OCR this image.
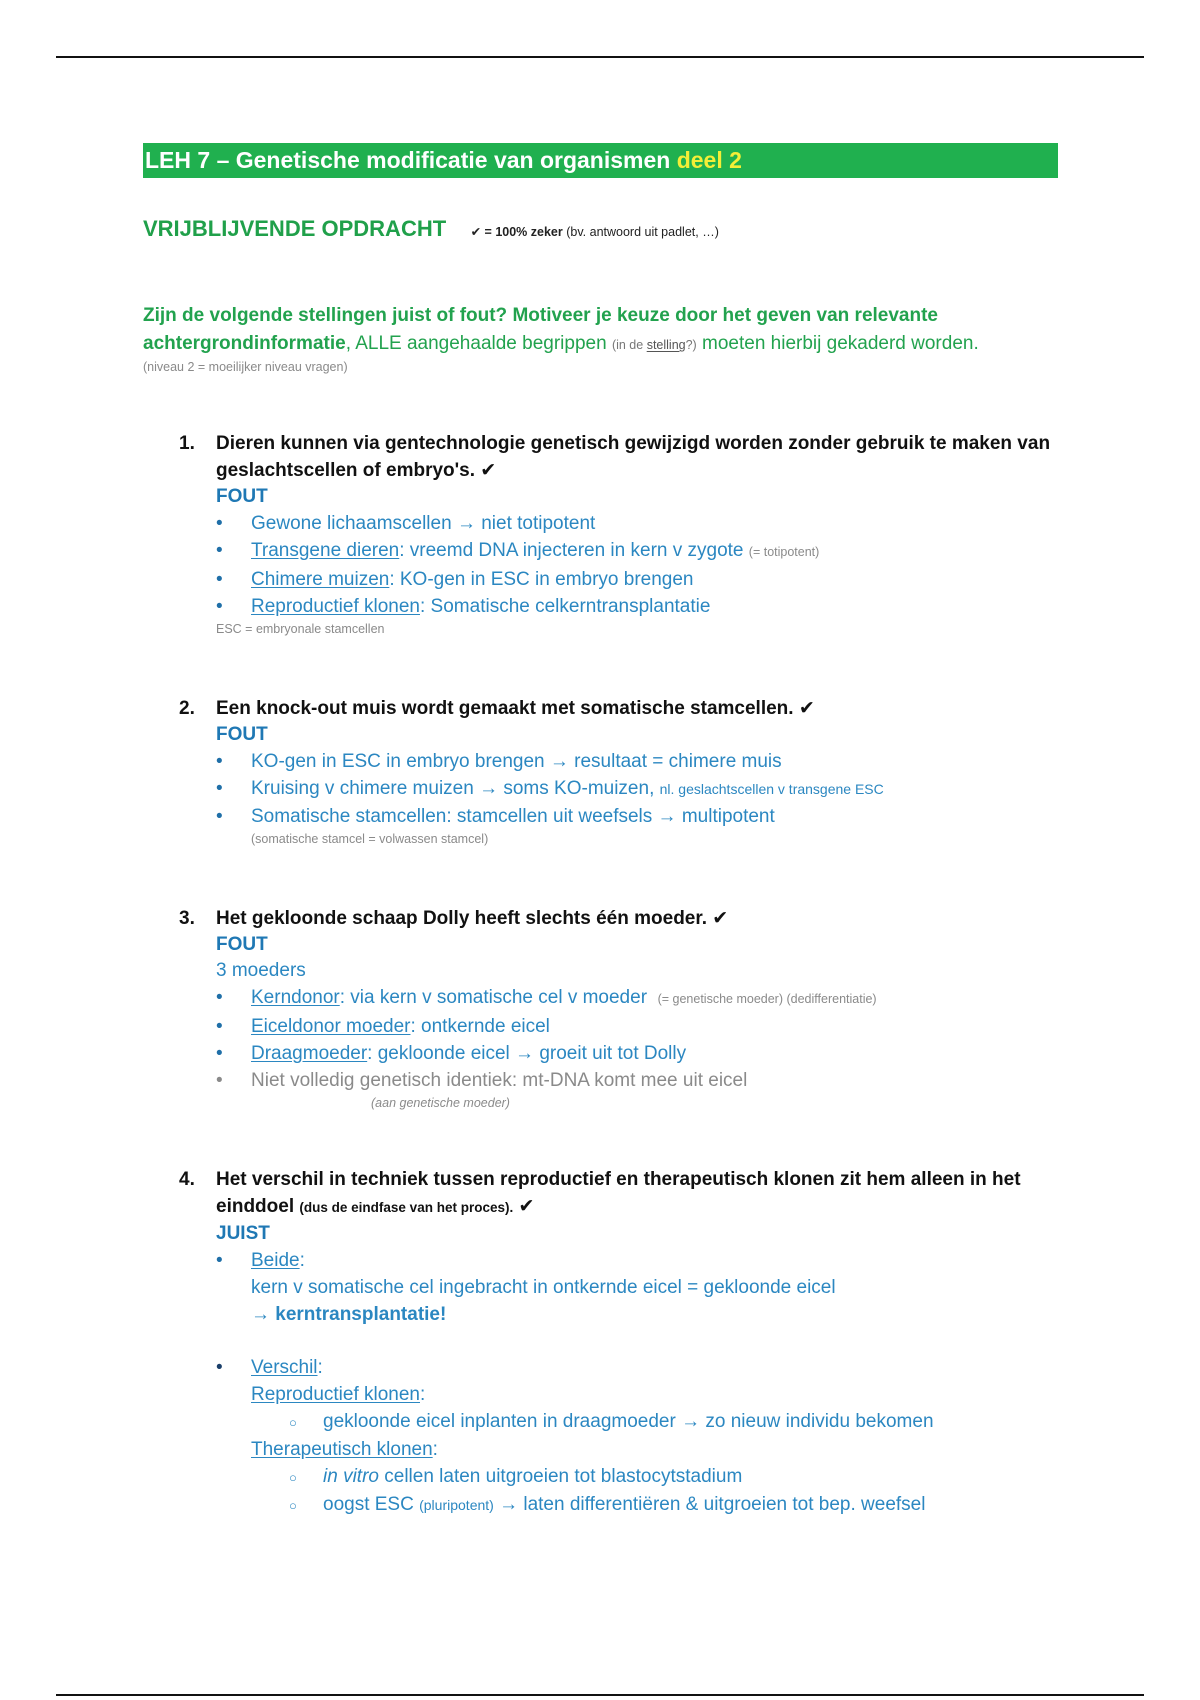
LEH 7 – Genetische modificatie van organismen deel 2
VRIJBLIJVENDE OPDRACHT ✔ = 100% zeker (bv. antwoord uit padlet, …)
Zijn de volgende stellingen juist of fout? Motiveer je keuze door het geven van relevante achtergrondinformatie, ALLE aangehaalde begrippen (in de stelling?) moeten hierbij gekaderd worden.
(niveau 2 = moeilijker niveau vragen)
1. Dieren kunnen via gentechnologie genetisch gewijzigd worden zonder gebruik te maken van geslachtscellen of embryo's. ✔
FOUT
• Gewone lichaamscellen → niet totipotent
• Transgene dieren: vreemd DNA injecteren in kern v zygote (= totipotent)
• Chimere muizen: KO-gen in ESC in embryo brengen
• Reproductief klonen: Somatische celkerntransplantatie
ESC = embryonale stamcellen
2. Een knock-out muis wordt gemaakt met somatische stamcellen. ✔
FOUT
• KO-gen in ESC in embryo brengen → resultaat = chimere muis
• Kruising v chimere muizen → soms KO-muizen, nl. geslachtscellen v transgene ESC
• Somatische stamcellen: stamcellen uit weefsels → multipotent
(somatische stamcel = volwassen stamcel)
3. Het gekloonde schaap Dolly heeft slechts één moeder. ✔
FOUT
3 moeders
• Kerndonor: via kern v somatische cel v moeder (= genetische moeder) (dedifferentiatie)
• Eiceldonor moeder: ontkernde eicel
• Draagmoeder: gekloonde eicel → groeit uit tot Dolly
• Niet volledig genetisch identiek: mt-DNA komt mee uit eicel
(aan genetische moeder)
4. Het verschil in techniek tussen reproductief en therapeutisch klonen zit hem alleen in het einddoel (dus de eindfase van het proces). ✔
JUIST
• Beide:
kern v somatische cel ingebracht in ontkernde eicel = gekloonde eicel
→ kerntransplantatie!
• Verschil:
Reproductief klonen:
○ gekloonde eicel inplanten in draagmoeder → zo nieuw individu bekomen
Therapeutisch klonen:
○ in vitro cellen laten uitgroeien tot blastocytstadium
○ oogst ESC (pluripotent) → laten differentiëren & uitgroeien tot bep. weefsel
